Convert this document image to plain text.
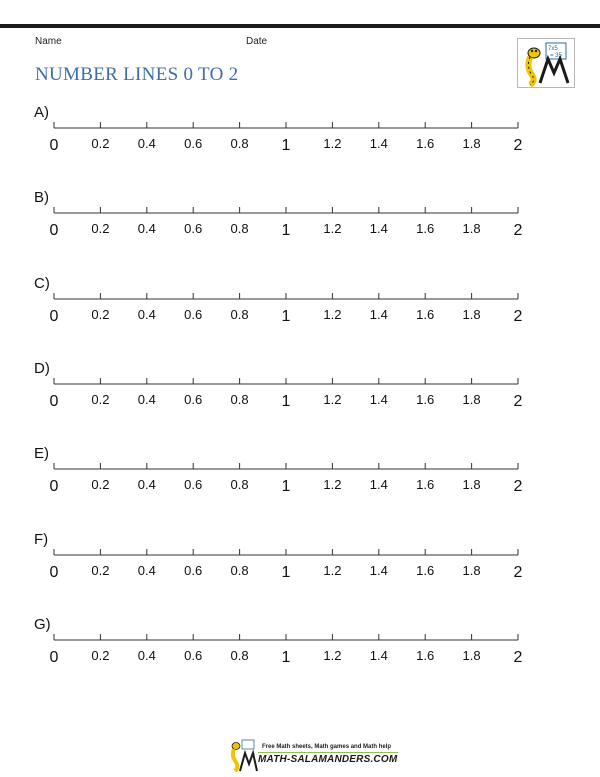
Name	Date
NUMBER LINES 0 TO 2
7x5
= 35
A)
0	0.2 0.4 0.6 0.8 1	1.2 1.4 1.6 1.8 2
B)
0	0.2 0.4 0.6 0.8 1	1.2 1.4 1.6 1.8 2
C)
0	0.2 0.4 0.6 0.8 1	1.2 1.4 1.6 1.8 2
D)
0	0.2 0.4 0.6 0.8 1	1.2 1.4 1.6 1.8 2
E)
0	0.2 0.4 0.6 0.8 1	1.2 1.4 1.6 1.8 2
F)
0	0.2 0.4 0.6 0.8 1	1.2 1.4 1.6 1.8 2
G)
0	0.2 0.4 0.6 0.8 1	1.2 1.4 1.6 1.8 2
Free Math sheets, Math games and Math help
MATH-SALAMANDERS.COM
